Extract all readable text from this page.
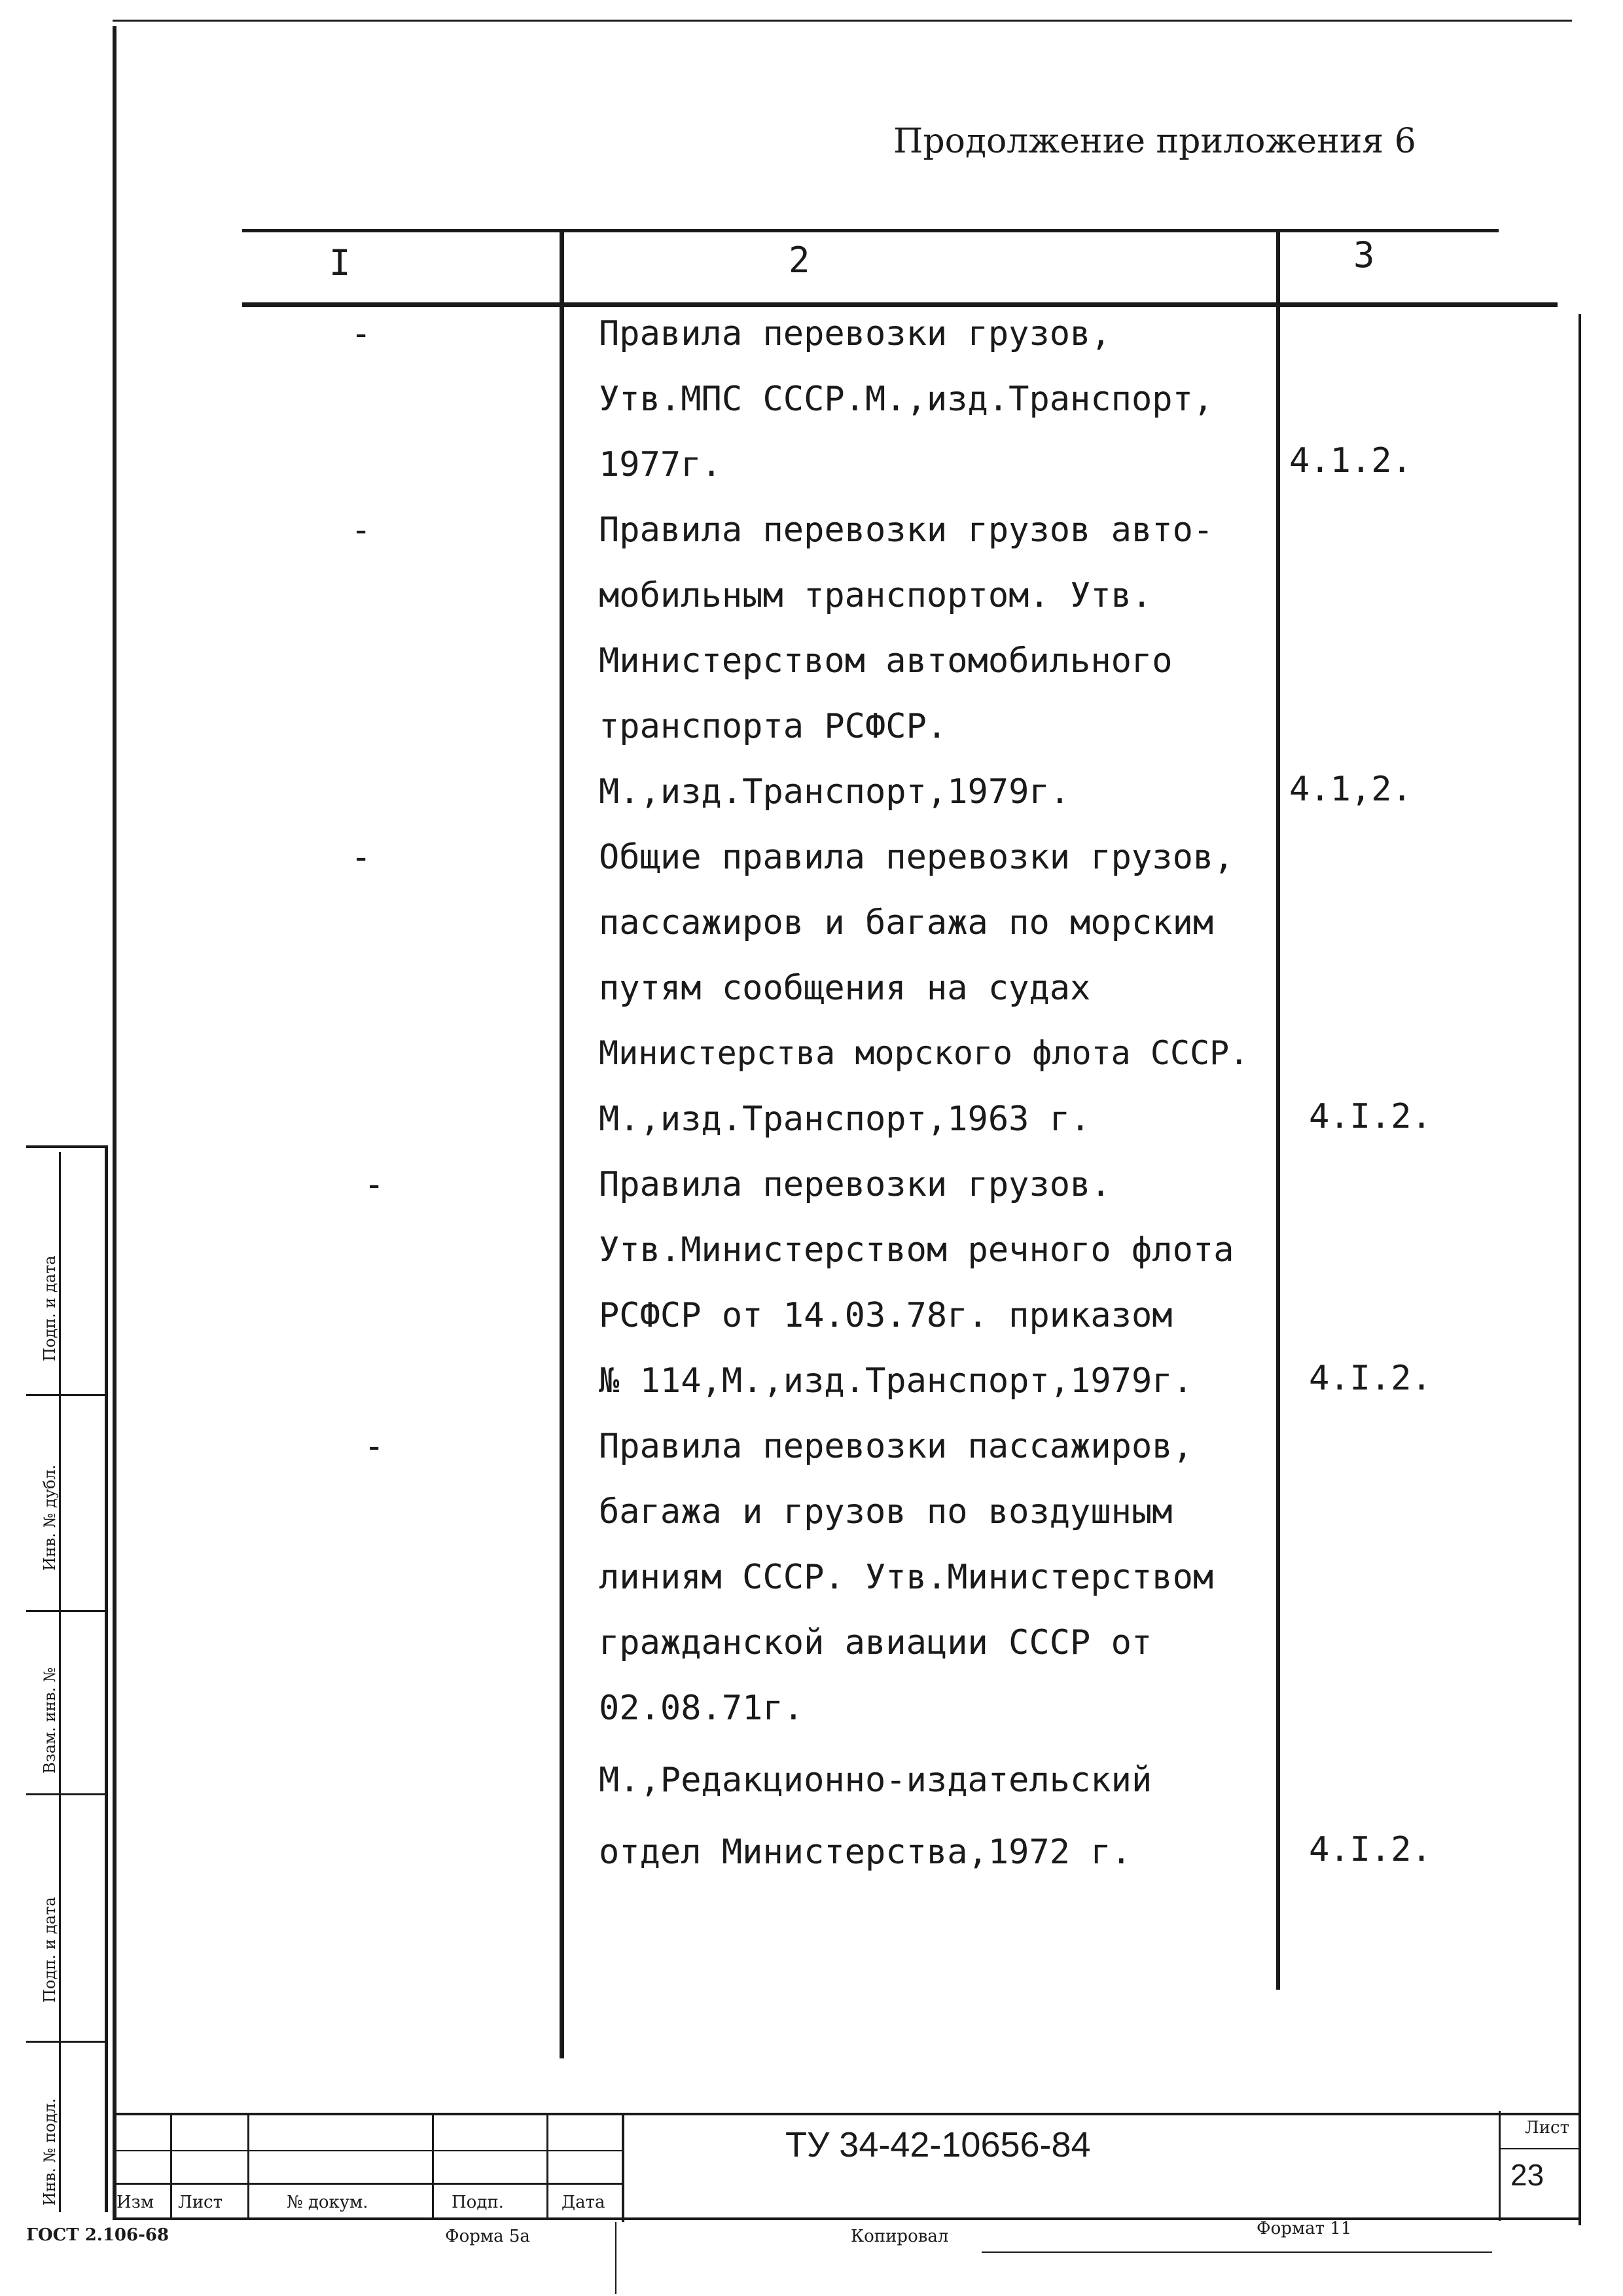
Продолжение приложения 6
I	2	3
-	Правила перевозки грузов,
Утв.МПС СССР.М.,изд.Транспорт,
1977г.	4.1.2.
-	Правила перевозки грузов авто-
мобильным транспортом. Утв.
Министерством автомобильного
транспорта РСФСР.
М.,изд.Транспорт,1979г.	4.1,2.
-	Общие правила перевозки грузов,
пассажиров и багажа по морским
путям сообщения на судах
Министерства морского флота СССР.
М.,изд.Транспорт,1963 г.	4.I.2.
-	Правила перевозки грузов.
Утв.Министерством речного флота
РСФСР от 14.03.78г. приказом
№ 114,М.,изд.Транспорт,1979г.	4.I.2.
-	Правила перевозки пассажиров,
багажа и грузов по воздушным
линиям СССР. Утв.Министерством
гражданской авиации СССР от
02.08.71г.
М.,Редакционно-издательский
отдел Министерства,1972 г.	4.I.2.
Подп. и дата
Инв. № дубл.
Взам. инв. №
Подп. и дата
Инв. № подл.	Изм Лист	№ докум.	Подп.	Дата
ТУ 34-42-10656-84	Лист
23
ГОСТ 2.106-68	Форма 5а	Копировал	Формат 11
